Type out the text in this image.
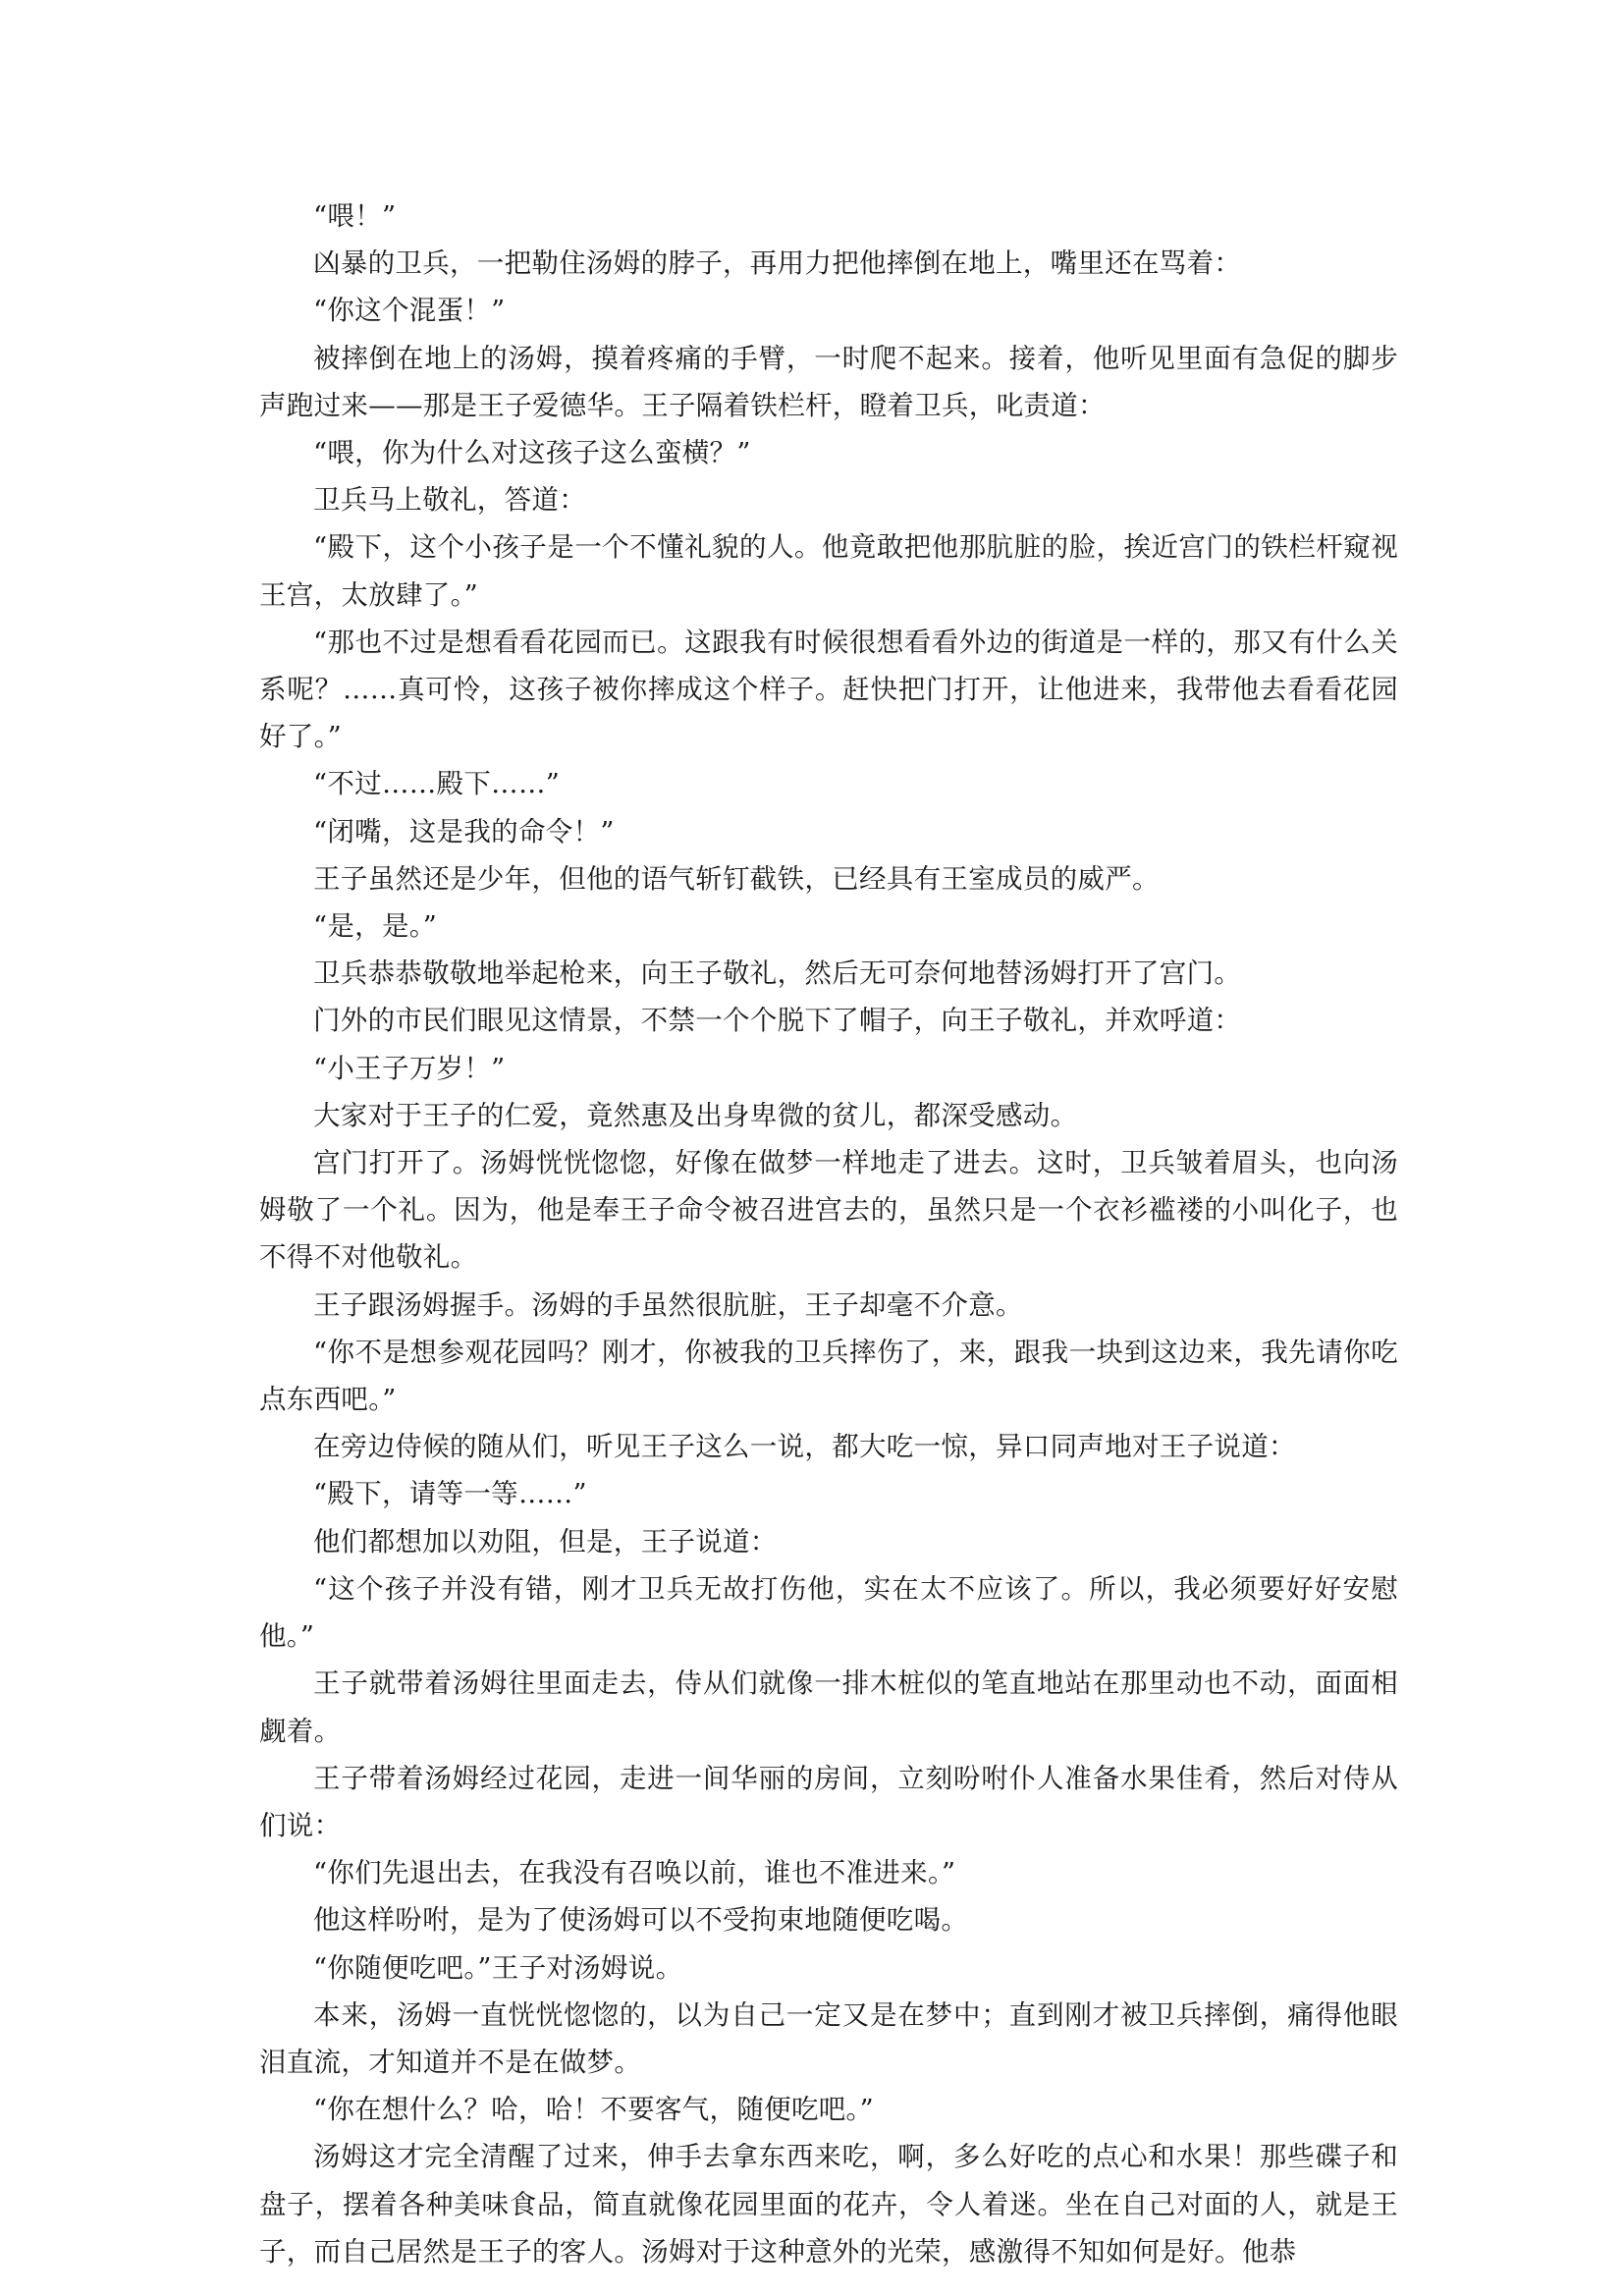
“喂！”

凶暴的卫兵，一把勒住汤姆的脖子，再用力把他摔倒在地上，嘴里还在骂着：

“你这个混蛋！”

被摔倒在地上的汤姆，摸着疼痛的手臂，一时爬不起来。接着，他听见里面有急促的脚步声跑过来——那是王子爱德华。王子隔着铁栏杆，瞪着卫兵，叱责道：

“喂，你为什么对这孩子这么蛮横？”

卫兵马上敬礼，答道：

“殿下，这个小孩子是一个不懂礼貌的人。他竟敢把他那肮脏的脸，挨近宫门的铁栏杆窥视王宫，太放肆了。”

“那也不过是想看看花园而已。这跟我有时候很想看看外边的街道是一样的，那又有什么关系呢？……真可怜，这孩子被你摔成这个样子。赶快把门打开，让他进来，我带他去看看花园好了。”

“不过……殿下……”

“闭嘴，这是我的命令！”

王子虽然还是少年，但他的语气斩钉截铁，已经具有王室成员的威严。

“是，是。”

卫兵恭恭敬敬地举起枪来，向王子敬礼，然后无可奈何地替汤姆打开了宫门。

门外的市民们眼见这情景，不禁一个个脱下了帽子，向王子敬礼，并欢呼道：

“小王子万岁！”

大家对于王子的仁爱，竟然惠及出身卑微的贫儿，都深受感动。

宫门打开了。汤姆恍恍惚惚，好像在做梦一样地走了进去。这时，卫兵皱着眉头，也向汤姆敬了一个礼。因为，他是奉王子命令被召进宫去的，虽然只是一个衣衫褴褛的小叫化子，也不得不对他敬礼。

王子跟汤姆握手。汤姆的手虽然很肮脏，王子却毫不介意。

“你不是想参观花园吗？刚才，你被我的卫兵摔伤了，来，跟我一块到这边来，我先请你吃点东西吧。”

在旁边侍候的随从们，听见王子这么一说，都大吃一惊，异口同声地对王子说道：

“殿下，请等一等……”

他们都想加以劝阻，但是，王子说道：

“这个孩子并没有错，刚才卫兵无故打伤他，实在太不应该了。所以，我必须要好好安慰他。”

王子就带着汤姆往里面走去，侍从们就像一排木桩似的笔直地站在那里动也不动，面面相觑着。

王子带着汤姆经过花园，走进一间华丽的房间，立刻吩咐仆人准备水果佳肴，然后对侍从们说：

“你们先退出去，在我没有召唤以前，谁也不准进来。”

他这样吩咐，是为了使汤姆可以不受拘束地随便吃喝。

“你随便吃吧。”王子对汤姆说。

本来，汤姆一直恍恍惚惚的，以为自己一定又是在梦中；直到刚才被卫兵摔倒，痛得他眼泪直流，才知道并不是在做梦。

“你在想什么？哈，哈！不要客气，随便吃吧。”

汤姆这才完全清醒了过来，伸手去拿东西来吃，啊，多么好吃的点心和水果！那些碟子和盘子，摆着各种美味食品，简直就像花园里面的花卉，令人着迷。坐在自己对面的人，就是王子，而自己居然是王子的客人。汤姆对于这种意外的光荣，感激得不知如何是好。他恭
